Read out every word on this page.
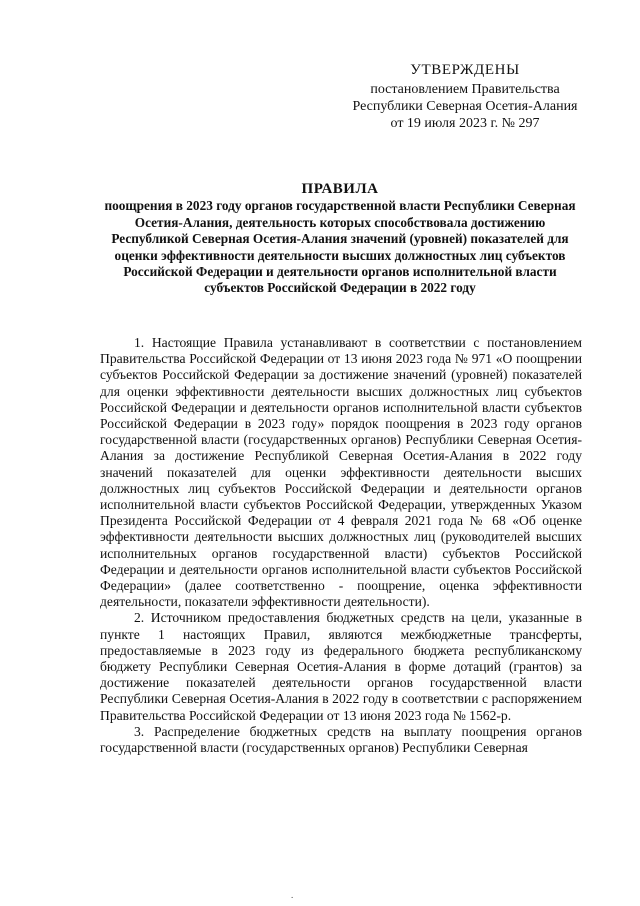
УТВЕРЖДЕНЫ
постановлением Правительства
Республики Северная Осетия-Алания
от 19 июля 2023 г. № 297
ПРАВИЛА
поощрения в 2023 году органов государственной власти Республики Северная Осетия-Алания, деятельность которых способствовала достижению Республикой Северная Осетия-Алания значений (уровней) показателей для оценки эффективности деятельности высших должностных лиц субъектов Российской Федерации и деятельности органов исполнительной власти субъектов Российской Федерации в 2022 году

1. Настоящие Правила устанавливают в соответствии с постановлением Правительства Российской Федерации от 13 июня 2023 года № 971 «О поощрении субъектов Российской Федерации за достижение значений (уровней) показателей для оценки эффективности деятельности высших должностных лиц субъектов Российской Федерации и деятельности органов исполнительной власти субъектов Российской Федерации в 2023 году» порядок поощрения в 2023 году органов государственной власти (государственных органов) Республики Северная Осетия-Алания за достижение Республикой Северная Осетия-Алания в 2022 году значений показателей для оценки эффективности деятельности высших должностных лиц субъектов Российской Федерации и деятельности органов исполнительной власти субъектов Российской Федерации, утвержденных Указом Президента Российской Федерации от 4 февраля 2021 года № 68 «Об оценке эффективности деятельности высших должностных лиц (руководителей высших исполнительных органов государственной власти) субъектов Российской Федерации и деятельности органов исполнительной власти субъектов Российской Федерации» (далее соответственно - поощрение, оценка эффективности деятельности, показатели эффективности деятельности).

2. Источником предоставления бюджетных средств на цели, указанные в пункте 1 настоящих Правил, являются межбюджетные трансферты, предоставляемые в 2023 году из федерального бюджета республиканскому бюджету Республики Северная Осетия-Алания в форме дотаций (грантов) за достижение показателей деятельности органов государственной власти Республики Северная Осетия-Алания в 2022 году в соответствии с распоряжением Правительства Российской Федерации от 13 июня 2023 года № 1562-р.

3. Распределение бюджетных средств на выплату поощрения органов государственной власти (государственных органов) Республики Северная

.
